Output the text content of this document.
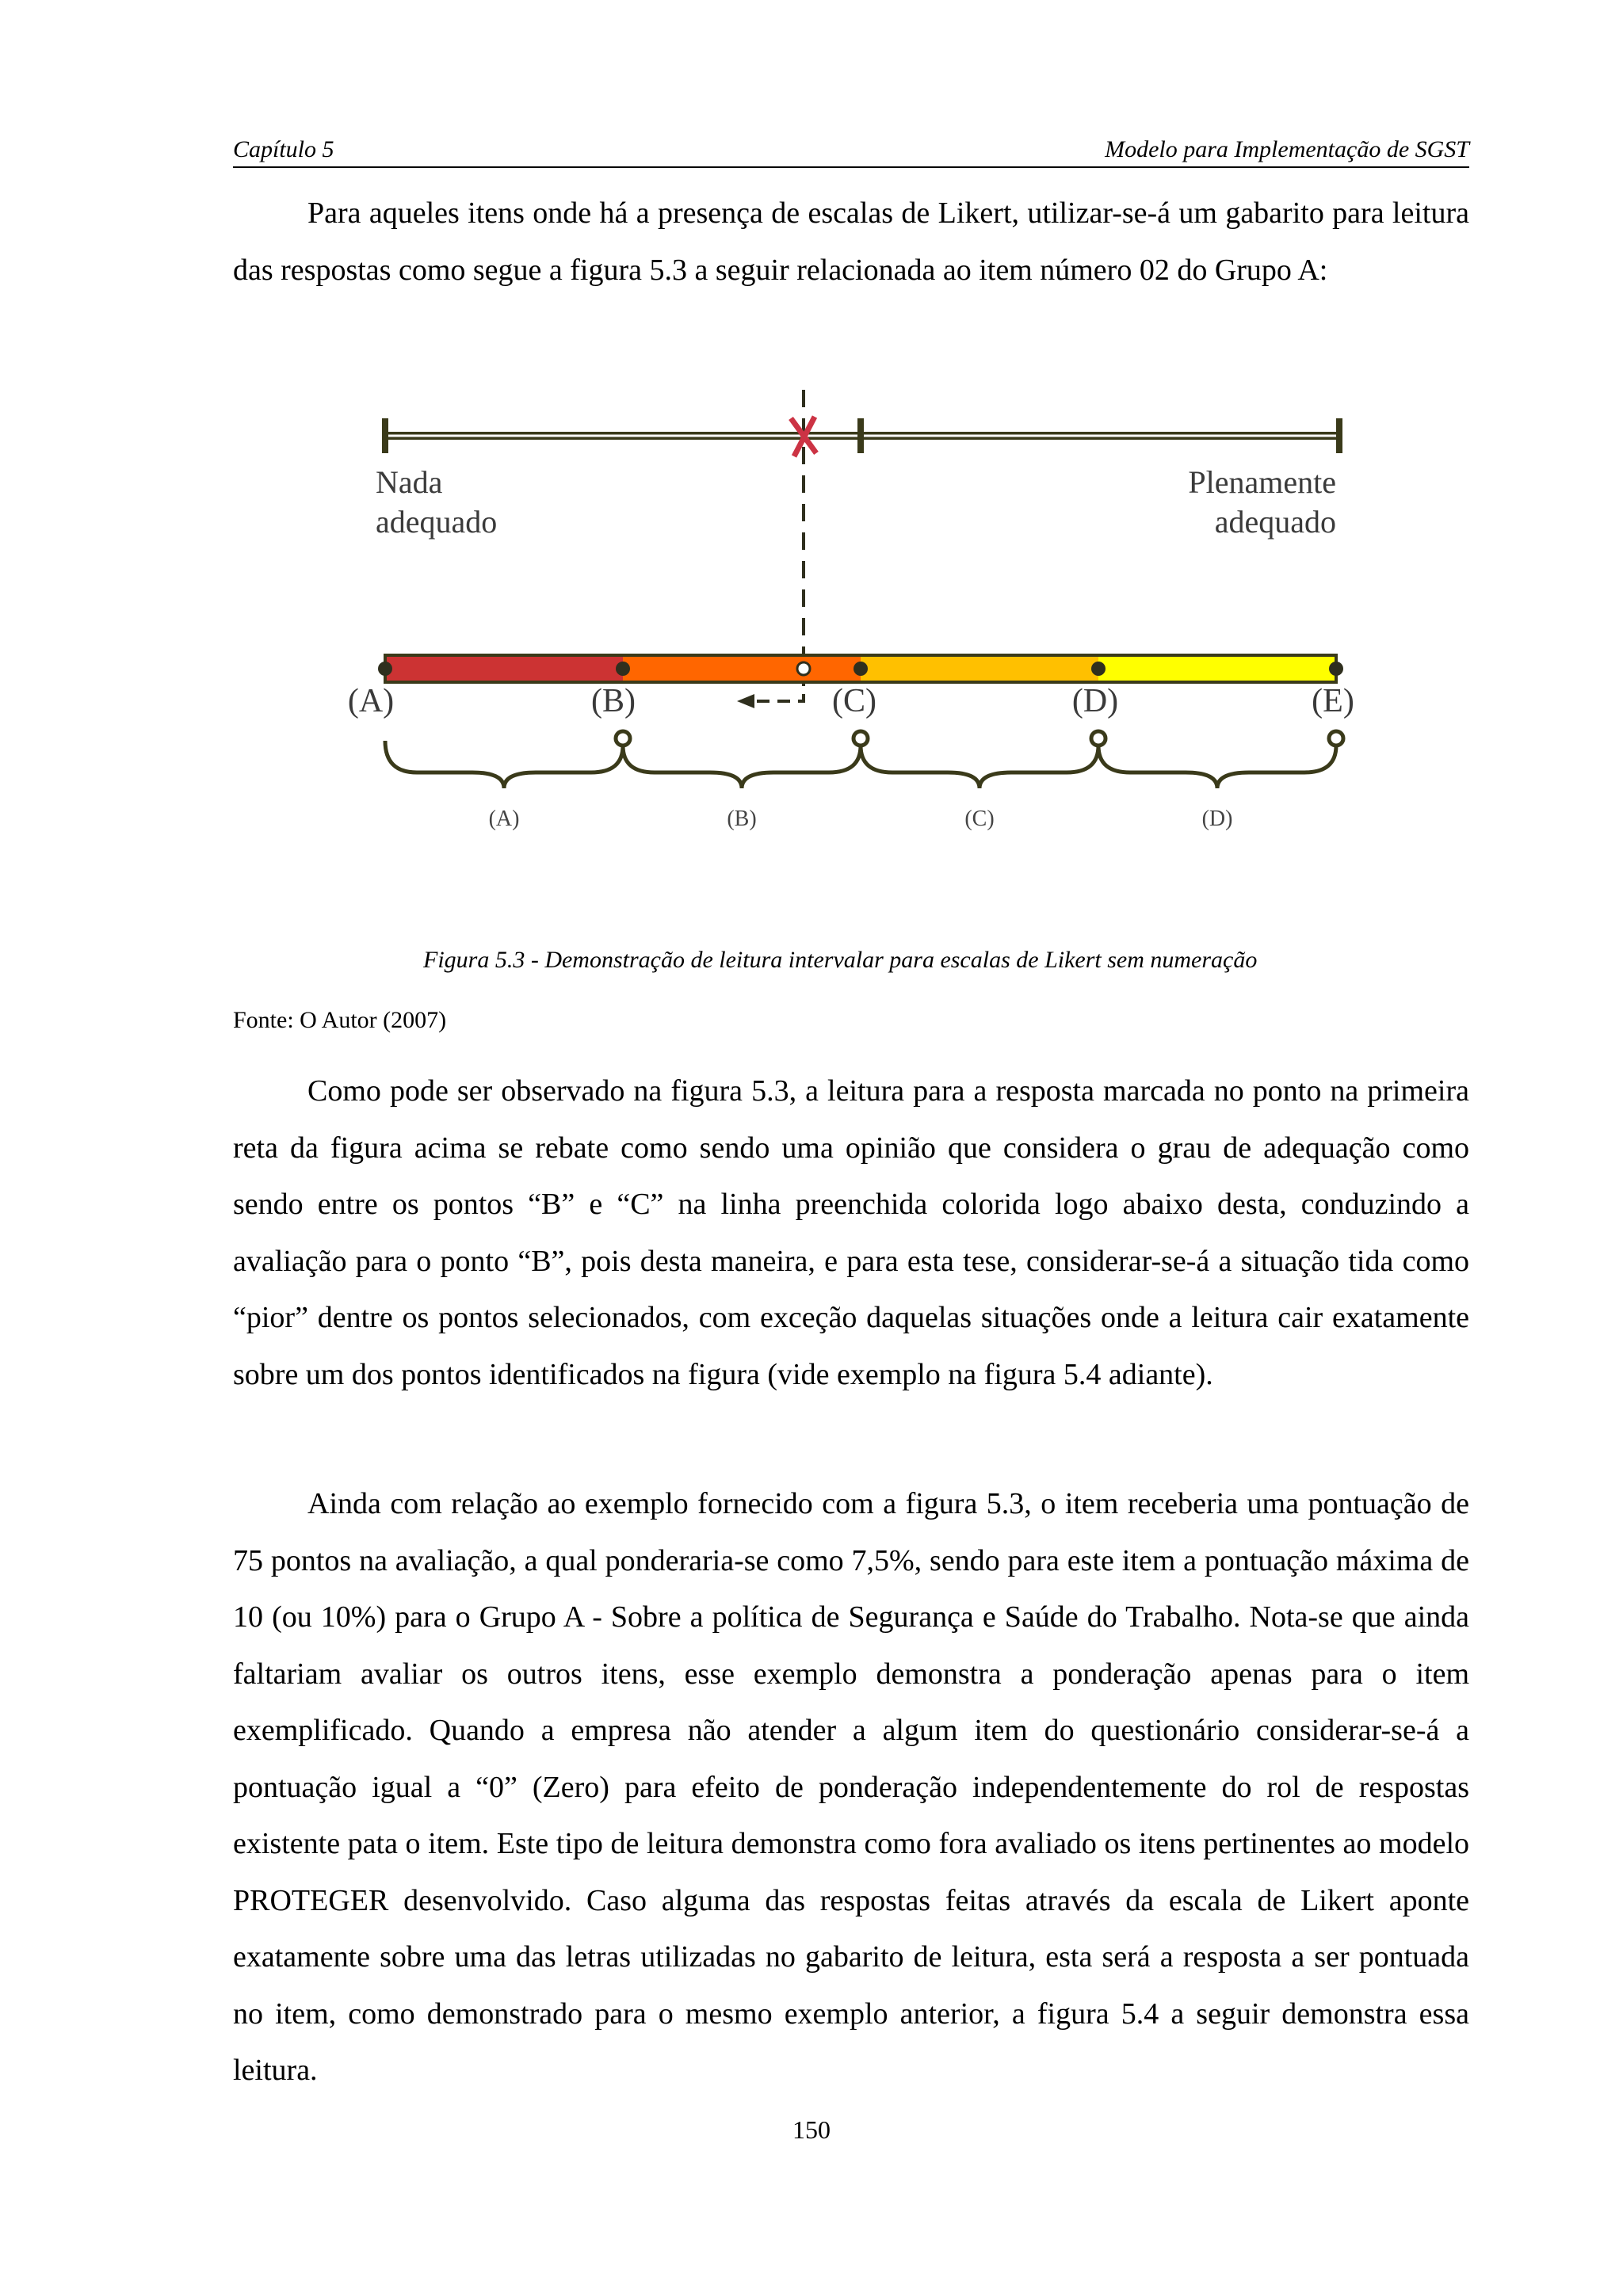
Capítulo 5	Modelo para Implementação de SGST

Para aqueles itens onde há a presença de escalas de Likert, utilizar-se-á um gabarito para leitura das respostas como segue a figura 5.3 a seguir relacionada ao item número 02 do Grupo A:

Nada
adequado
Plenamente
adequado
(A)	(B)	(C)	(D)	(E)
(A)	(B)	(C)	(D)
Figura 5.3 - Demonstração de leitura intervalar para escalas de Likert sem numeração
Fonte: O Autor (2007)

Como pode ser observado na figura 5.3, a leitura para a resposta marcada no ponto na primeira reta da figura acima se rebate como sendo uma opinião que considera o grau de adequação como sendo entre os pontos “B” e “C” na linha preenchida colorida logo abaixo desta, conduzindo a avaliação para o ponto “B”, pois desta maneira, e para esta tese, considerar-se-á a situação tida como “pior” dentre os pontos selecionados, com exceção daquelas situações onde a leitura cair exatamente sobre um dos pontos identificados na figura (vide exemplo na figura 5.4 adiante).

Ainda com relação ao exemplo fornecido com a figura 5.3, o item receberia uma pontuação de 75 pontos na avaliação, a qual ponderaria-se como 7,5%, sendo para este item a pontuação máxima de 10 (ou 10%) para o Grupo A - Sobre a política de Segurança e Saúde do Trabalho. Nota-se que ainda faltariam avaliar os outros itens, esse exemplo demonstra a ponderação apenas para o item exemplificado. Quando a empresa não atender a algum item do questionário considerar-se-á a pontuação igual a “0” (Zero) para efeito de ponderação independentemente do rol de respostas existente pata o item. Este tipo de leitura demonstra como fora avaliado os itens pertinentes ao modelo PROTEGER desenvolvido. Caso alguma das respostas feitas através da escala de Likert aponte exatamente sobre uma das letras utilizadas no gabarito de leitura, esta será a resposta a ser pontuada no item, como demonstrado para o mesmo exemplo anterior, a figura 5.4 a seguir demonstra essa leitura.

150
